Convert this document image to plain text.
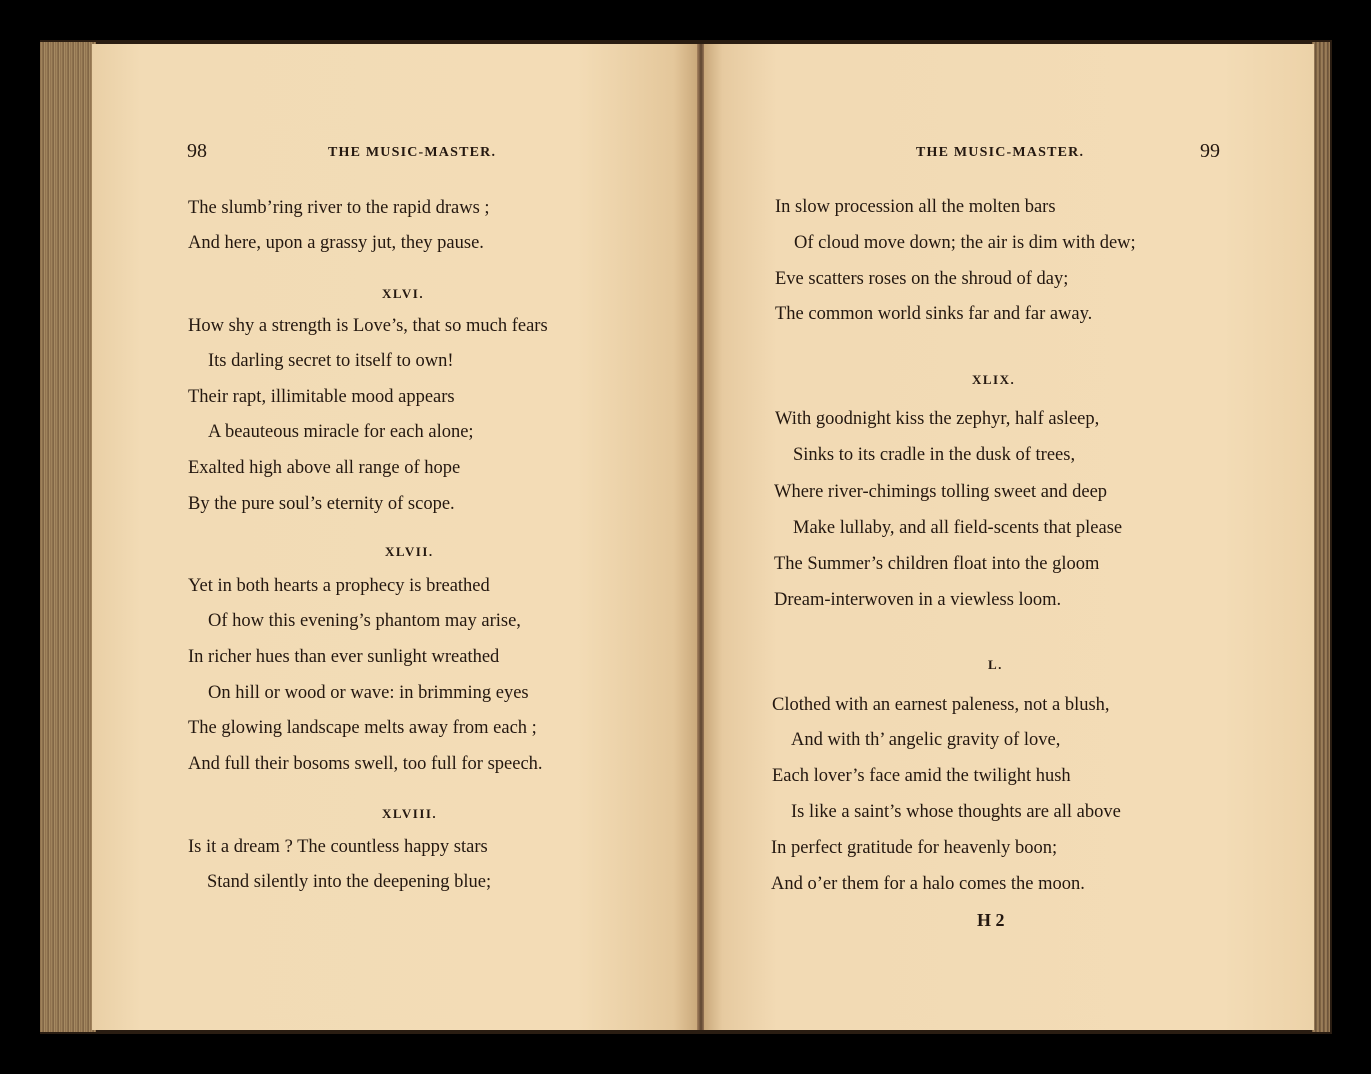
98	THE MUSIC-MASTER.
The slumb’ring river to the rapid draws ;
And here, upon a grassy jut, they pause.
XLVI.
How shy a strength is Love’s, that so much fears
Its darling secret to itself to own!
Their rapt, illimitable mood appears
A beauteous miracle for each alone;
Exalted high above all range of hope
By the pure soul’s eternity of scope.
XLVII.
Yet in both hearts a prophecy is breathed
Of how this evening’s phantom may arise,
In richer hues than ever sunlight wreathed
On hill or wood or wave: in brimming eyes
The glowing landscape melts away from each ;
And full their bosoms swell, too full for speech.
XLVIII.
Is it a dream ? The countless happy stars
Stand silently into the deepening blue;
THE MUSIC-MASTER.	99
In slow procession all the molten bars
Of cloud move down; the air is dim with dew;
Eve scatters roses on the shroud of day;
The common world sinks far and far away.
XLIX.
With goodnight kiss the zephyr, half asleep,
Sinks to its cradle in the dusk of trees,
Where river-chimings tolling sweet and deep
Make lullaby, and all field-scents that please
The Summer’s children float into the gloom
Dream-interwoven in a viewless loom.
L.
Clothed with an earnest paleness, not a blush,
And with th’ angelic gravity of love,
Each lover’s face amid the twilight hush
Is like a saint’s whose thoughts are all above
In perfect gratitude for heavenly boon;
And o’er them for a halo comes the moon.
H 2
